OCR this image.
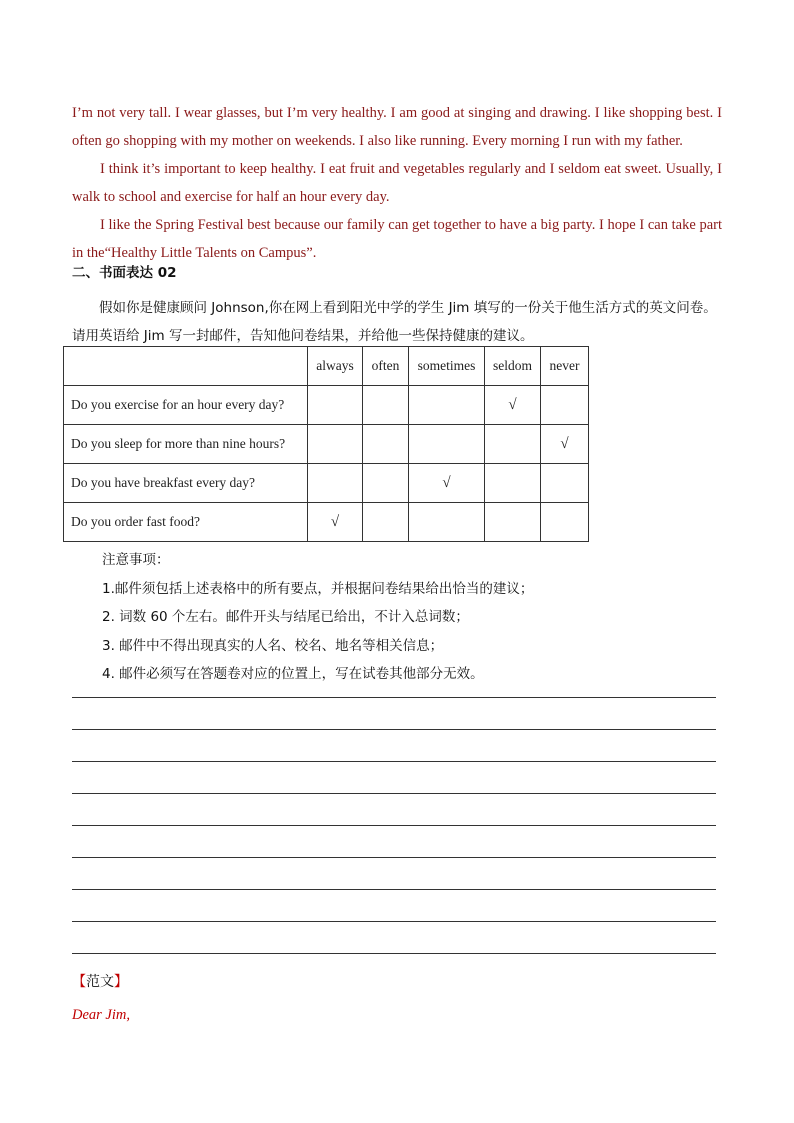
I’m not very tall. I wear glasses, but I’m very healthy. I am good at singing and drawing. I like shopping best. I often go shopping with my mother on weekends. I also like running. Every morning I run with my father.

I think it’s important to keep healthy. I eat fruit and vegetables regularly and I seldom eat sweet. Usually, I walk to school and exercise for half an hour every day.

I like the Spring Festival best because our family can get together to have a big party. I hope I can take part in the“Healthy Little Talents on Campus”.

二、书面表达 02

假如你是健康顾问 Johnson,你在网上看到阳光中学的学生 Jim 填写的一份关于他生活方式的英文问卷。

请用英语给 Jim 写一封邮件，告知他问卷结果，并给他一些保持健康的建议。

	always	often	sometimes	seldom	never
Do you exercise for an hour every day?				√	
Do you sleep for more than nine hours?					√
Do you have breakfast every day?			√		
Do you order fast food?	√				

注意事项：

1.邮件须包括上述表格中的所有要点，并根据问卷结果给出恰当的建议；

2. 词数 60 个左右。邮件开头与结尾已给出，不计入总词数；

3. 邮件中不得出现真实的人名、校名、地名等相关信息；

4. 邮件必须写在答题卷对应的位置上，写在试卷其他部分无效。

【范文】
Dear Jim,
